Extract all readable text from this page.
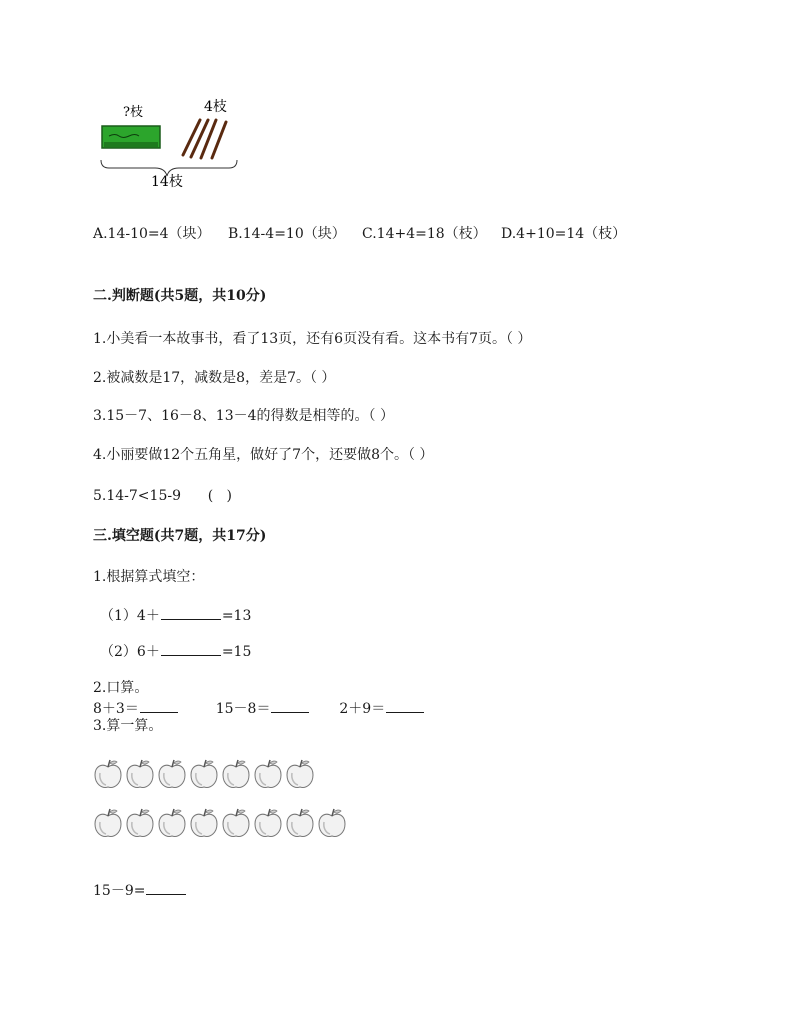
?枝	4枝
14枝
A.14-10=4（块） B.14-4=10（块） C.14+4=18（枝） D.4+10=14（枝）
二.判断题(共5题，共10分)
1.小美看一本故事书，看了13页，还有6页没有看。这本书有7页。（ ）
2.被减数是17，减数是8，差是7。（ ）
3.15－7、16－8、13－4的得数是相等的。（ ）
4.小丽要做12个五角星，做好了7个，还要做8个。（ ）
5.14-7<15-9      (   )
三.填空题(共7题，共17分)
1.根据算式填空：
（1）4＋	=13
（2）6＋	=15
2.口算。
8＋3＝	15－8＝	2＋9＝
3.算一算。
15－9=
